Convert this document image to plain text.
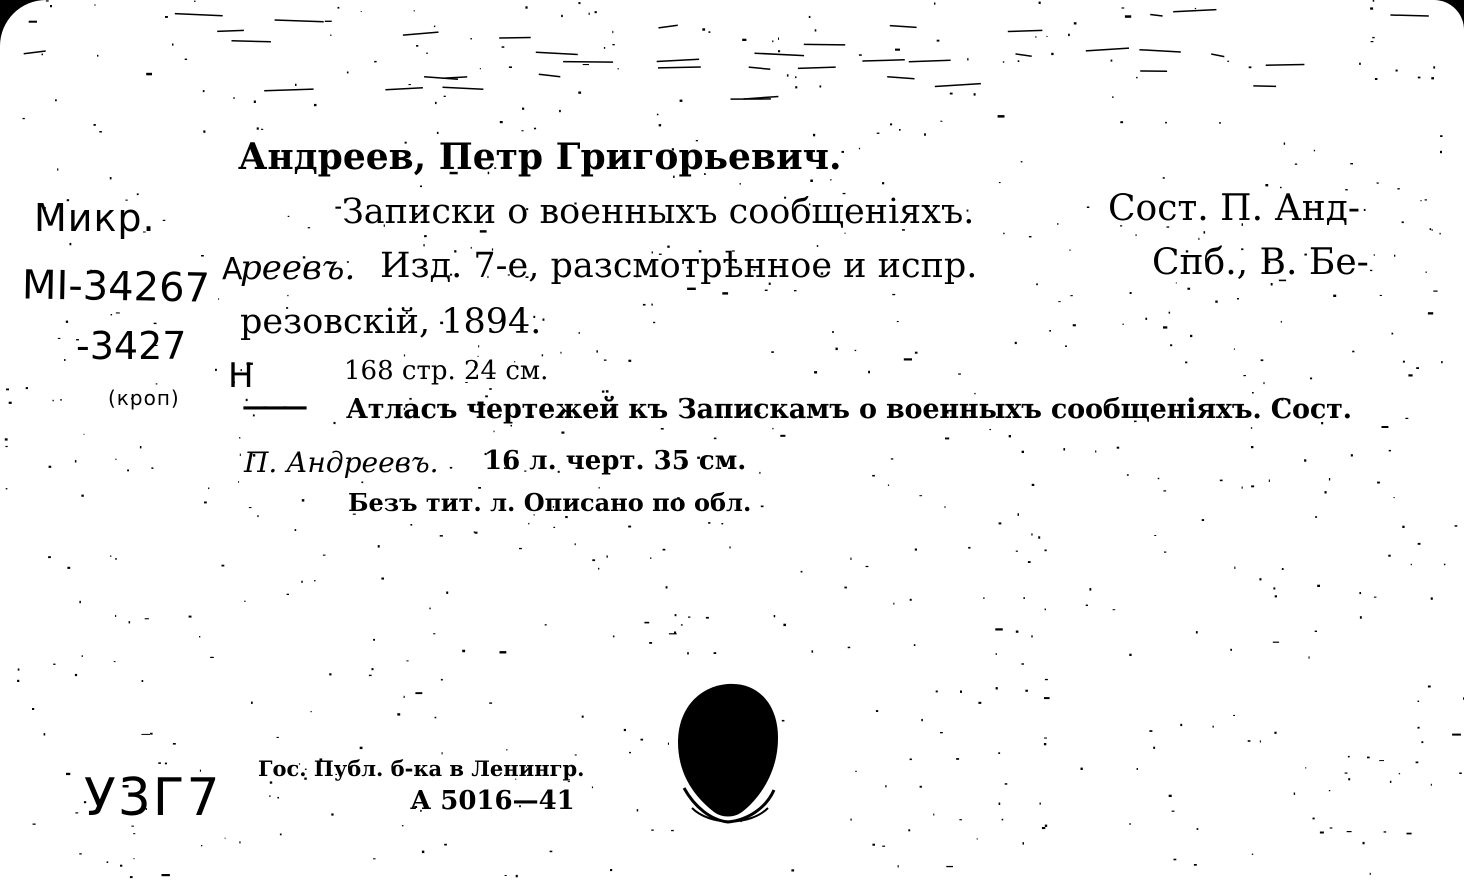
Андреев, Петр Григорьевич.
Записки о военныхъ сообщеніяхъ.	Сост. П. Анд-
реевъ. Изд. 7-е, разсмотрѣнное и испр.	Спб., В. Бе-
резовскій, 1894.
168 стр. 24 см.
——— Атласъ чертежей къ Запискамъ о военныхъ сообщеніяхъ. Сост.
П. Андреевъ. 16 л. черт. 35 см.
Безъ тит. л. Описано по обл.
Микр.
MI-34267
-3427
A
H
(кроп)
У3Г7 Гос. Публ. б-ка в Ленингр.
А 5016—41
